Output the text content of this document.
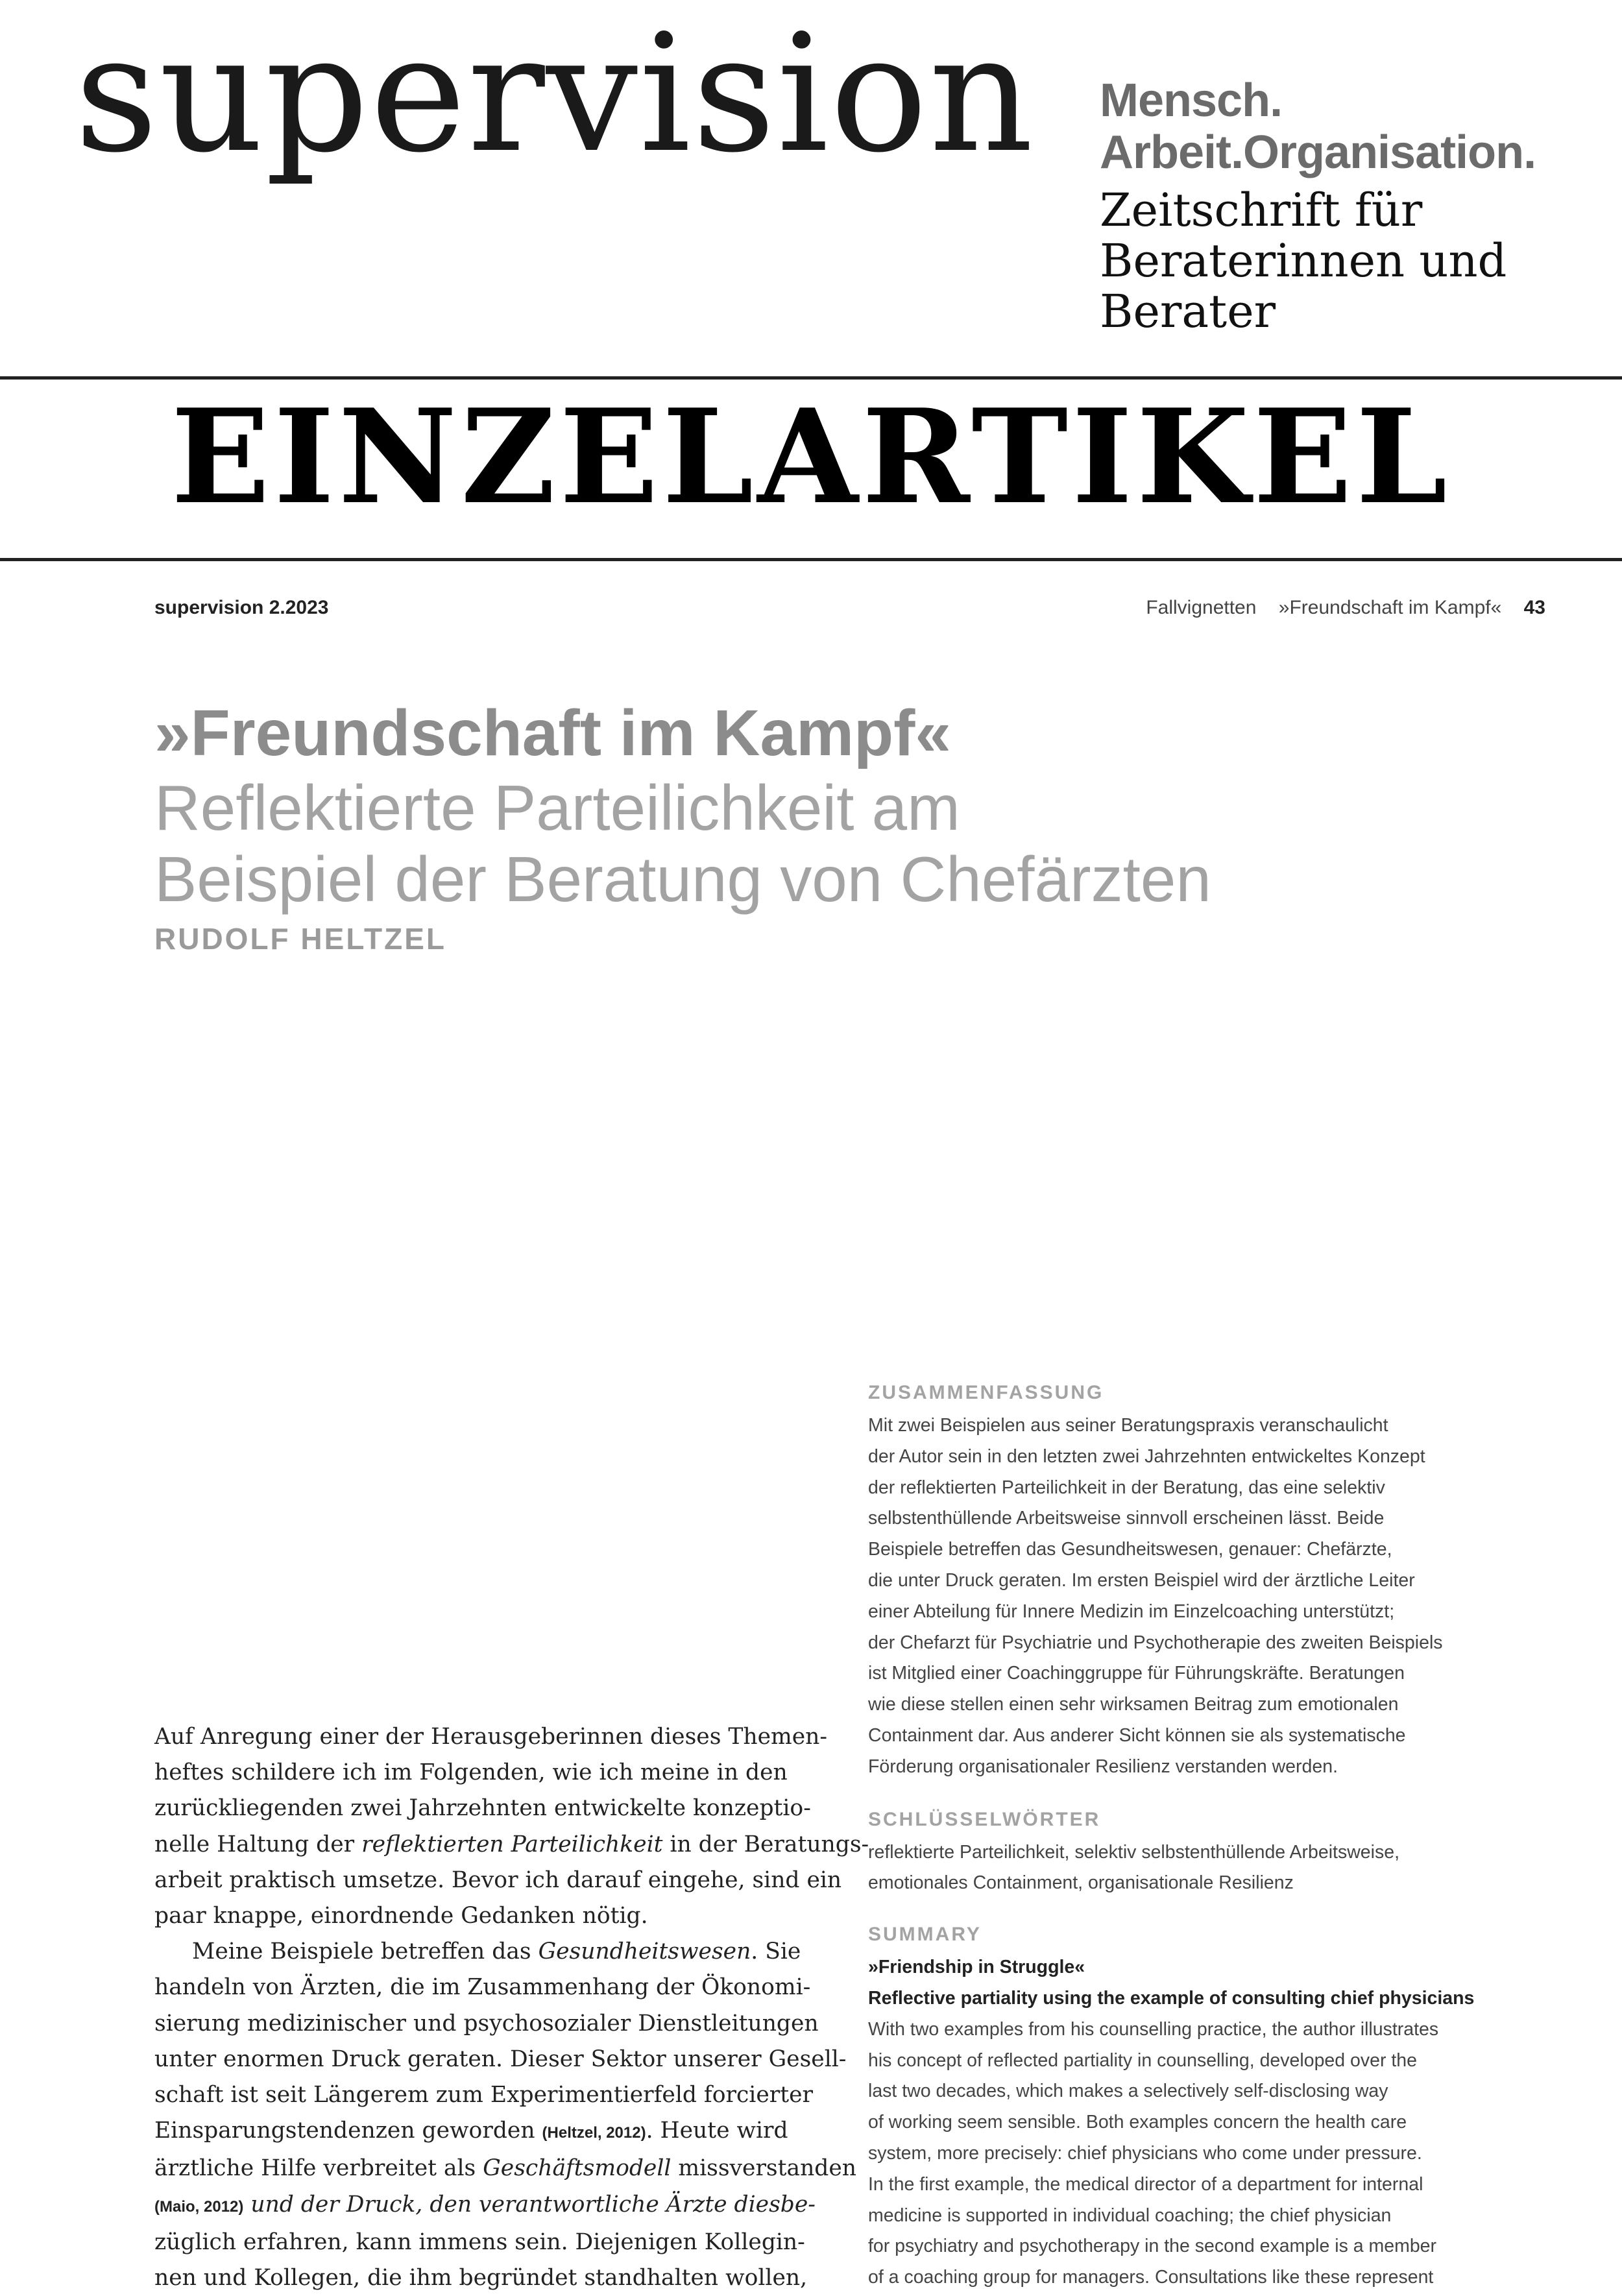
supervision Mensch.
Arbeit.Organisation.
Zeitschrift für
Beraterinnen und
Berater
EINZELARTIKEL
supervision 2.2023	Fallvignetten »Freundschaft im Kampf« 43
»Freundschaft im Kampf«
Reflektierte Parteilichkeit am
Beispiel der Beratung von Chefärzten
RUDOLF HELTZEL
ZUSAMMENFASSUNG
Mit zwei Beispielen aus seiner Beratungspraxis veranschaulicht
der Autor sein in den letzten zwei Jahrzehnten entwickeltes Konzept
der reflektierten Parteilichkeit in der Beratung, das eine selektiv
selbstenthüllende Arbeitsweise sinnvoll erscheinen lässt. Beide
Beispiele betreffen das Gesundheitswesen, genauer: Chefärzte,
die unter Druck geraten. Im ersten Beispiel wird der ärztliche Leiter
einer Abteilung für Innere Medizin im Einzelcoaching unterstützt;
der Chefarzt für Psychiatrie und Psychotherapie des zweiten Beispiels
ist Mitglied einer Coachinggruppe für Führungskräfte. Beratungen
wie diese stellen einen sehr wirksamen Beitrag zum emotionalen
Containment dar. Aus anderer Sicht können sie als systematische
Förderung organisationaler Resilienz verstanden werden.
SCHLÜSSELWÖRTER
reflektierte Parteilichkeit, selektiv selbstenthüllende Arbeitsweise,
emotionales Containment, organisationale Resilienz
SUMMARY
»Friendship in Struggle«
Reflective partiality using the example of consulting chief physicians
With two examples from his counselling practice, the author illustrates
his concept of reflected partiality in counselling, developed over the
last two decades, which makes a selectively self-disclosing way
of working seem sensible. Both examples concern the health care
system, more precisely: chief physicians who come under pressure.
In the first example, the medical director of a department for internal
medicine is supported in individual coaching; the chief physician
for psychiatry and psychotherapy in the second example is a member
of a coaching group for managers. Consultations like these represent
Auf Anregung einer der Herausgeberinnen dieses Themen-
heftes schildere ich im Folgenden, wie ich meine in den
zurückliegenden zwei Jahrzehnten entwickelte konzeptio-
nelle Haltung der reflektierten Parteilichkeit in der Beratungs-
arbeit praktisch umsetze. Bevor ich darauf eingehe, sind ein
paar knappe, einordnende Gedanken nötig.
Meine Beispiele betreffen das Gesundheitswesen. Sie
handeln von Ärzten, die im Zusammenhang der Ökonomi-
sierung medizinischer und psychosozialer Dienstleitungen
unter enormen Druck geraten. Dieser Sektor unserer Gesell-
schaft ist seit Längerem zum Experimentierfeld forcierter
Einsparungstendenzen geworden (Heltzel, 2012). Heute wird
ärztliche Hilfe verbreitet als Geschäftsmodell missverstanden
(Maio, 2012) und der Druck, den verantwortliche Ärzte diesbe-
züglich erfahren, kann immens sein. Diejenigen Kollegin-
nen und Kollegen, die ihm begründet standhalten wollen,
